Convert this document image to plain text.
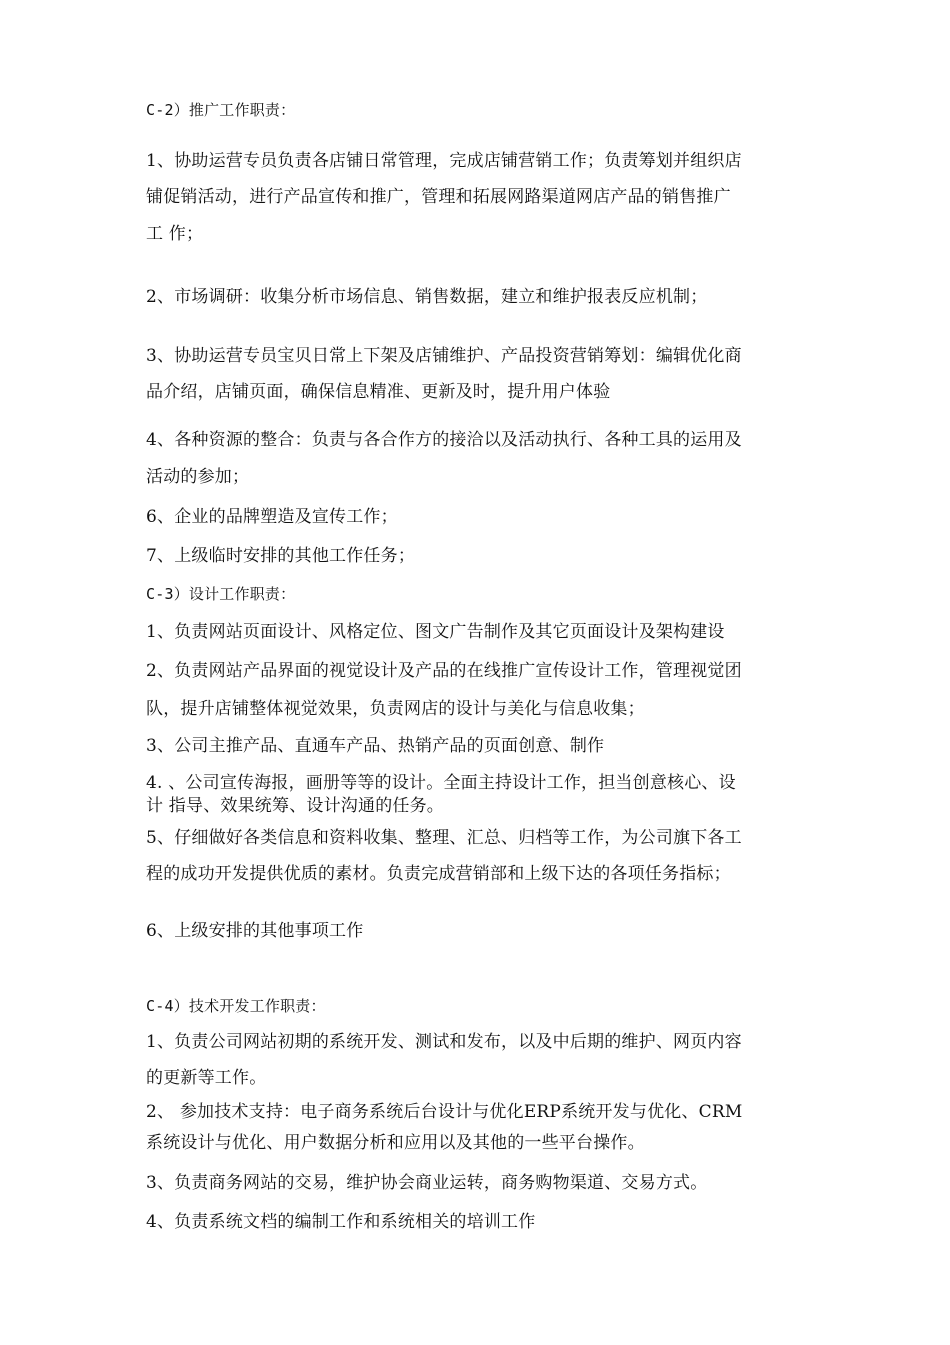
C-2）推广工作职责：
1、协助运营专员负责各店铺日常管理，完成店铺营销工作；负责筹划并组织店
铺促销活动，进行产品宣传和推广，管理和拓展网路渠道网店产品的销售推广
工 作；
2、市场调研：收集分析市场信息、销售数据，建立和维护报表反应机制；
3、协助运营专员宝贝日常上下架及店铺维护、产品投资营销筹划：编辑优化商
品介绍，店铺页面，确保信息精准、更新及时，提升用户体验
4、各种资源的整合：负责与各合作方的接洽以及活动执行、各种工具的运用及
活动的参加；
6、企业的品牌塑造及宣传工作；
7、上级临时安排的其他工作任务；
C-3）设计工作职责：
1、负责网站页面设计、风格定位、图文广告制作及其它页面设计及架构建设
2、负责网站产品界面的视觉设计及产品的在线推广宣传设计工作，管理视觉团
队，提升店铺整体视觉效果，负责网店的设计与美化与信息收集；
3、公司主推产品、直通车产品、热销产品的页面创意、制作
4. 、公司宣传海报，画册等等的设计。全面主持设计工作，担当创意核心、设
计 指导、效果统筹、设计沟通的任务。
5、仔细做好各类信息和资料收集、整理、汇总、归档等工作，为公司旗下各工
程的成功开发提供优质的素材。负责完成营销部和上级下达的各项任务指标；
6、上级安排的其他事项工作
C-4）技术开发工作职责：
1、负责公司网站初期的系统开发、测试和发布，以及中后期的维护、网页内容
的更新等工作。
2、 参加技术支持：电子商务系统后台设计与优化ERP系统开发与优化、CRM
系统设计与优化、用户数据分析和应用以及其他的一些平台操作。
3、负责商务网站的交易，维护协会商业运转，商务购物渠道、交易方式。
4、负责系统文档的编制工作和系统相关的培训工作
